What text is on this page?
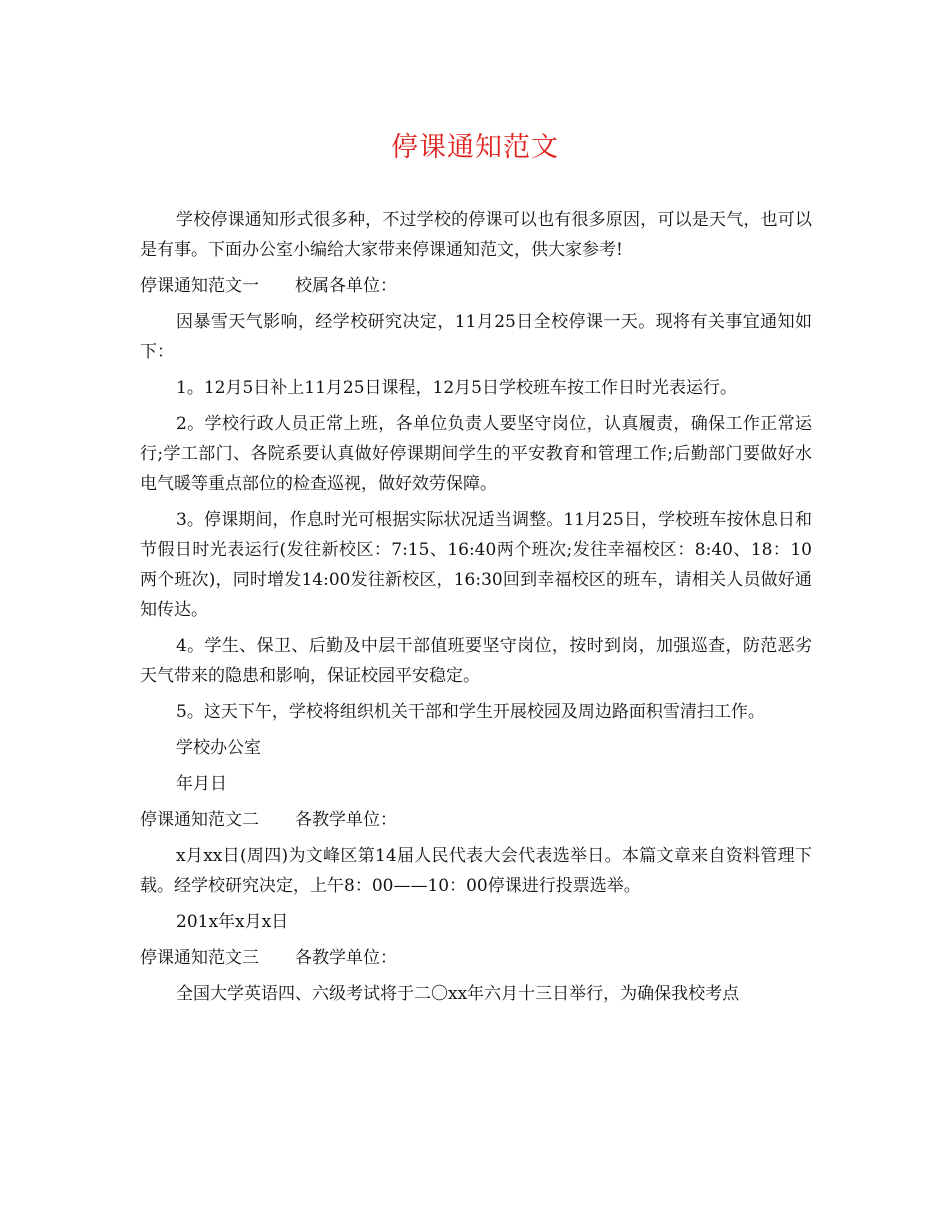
停课通知范文

学校停课通知形式很多种，不过学校的停课可以也有很多原因，可以是天气，也可以是有事。下面办公室小编给大家带来停课通知范文，供大家参考!

停课通知范文一 校属各单位：

因暴雪天气影响，经学校研究决定，11月25日全校停课一天。现将有关事宜通知如下：

1。12月5日补上11月25日课程，12月5日学校班车按工作日时光表运行。

2。学校行政人员正常上班，各单位负责人要坚守岗位，认真履责，确保工作正常运行;学工部门、各院系要认真做好停课期间学生的平安教育和管理工作;后勤部门要做好水电气暖等重点部位的检查巡视，做好效劳保障。

3。停课期间，作息时光可根据实际状况适当调整。11月25日，学校班车按休息日和节假日时光表运行(发往新校区：7:15、16:40两个班次;发往幸福校区：8:40、18：10两个班次)，同时增发14:00发往新校区，16:30回到幸福校区的班车，请相关人员做好通知传达。

4。学生、保卫、后勤及中层干部值班要坚守岗位，按时到岗，加强巡查，防范恶劣天气带来的隐患和影响，保证校园平安稳定。

5。这天下午，学校将组织机关干部和学生开展校园及周边路面积雪清扫工作。

学校办公室

年月日

停课通知范文二 各教学单位：

x月xx日(周四)为文峰区第14届人民代表大会代表选举日。本篇文章来自资料管理下载。经学校研究决定，上午8：00——10：00停课进行投票选举。

201x年x月x日

停课通知范文三 各教学单位：

全国大学英语四、六级考试将于二〇xx年六月十三日举行，为确保我校考点
